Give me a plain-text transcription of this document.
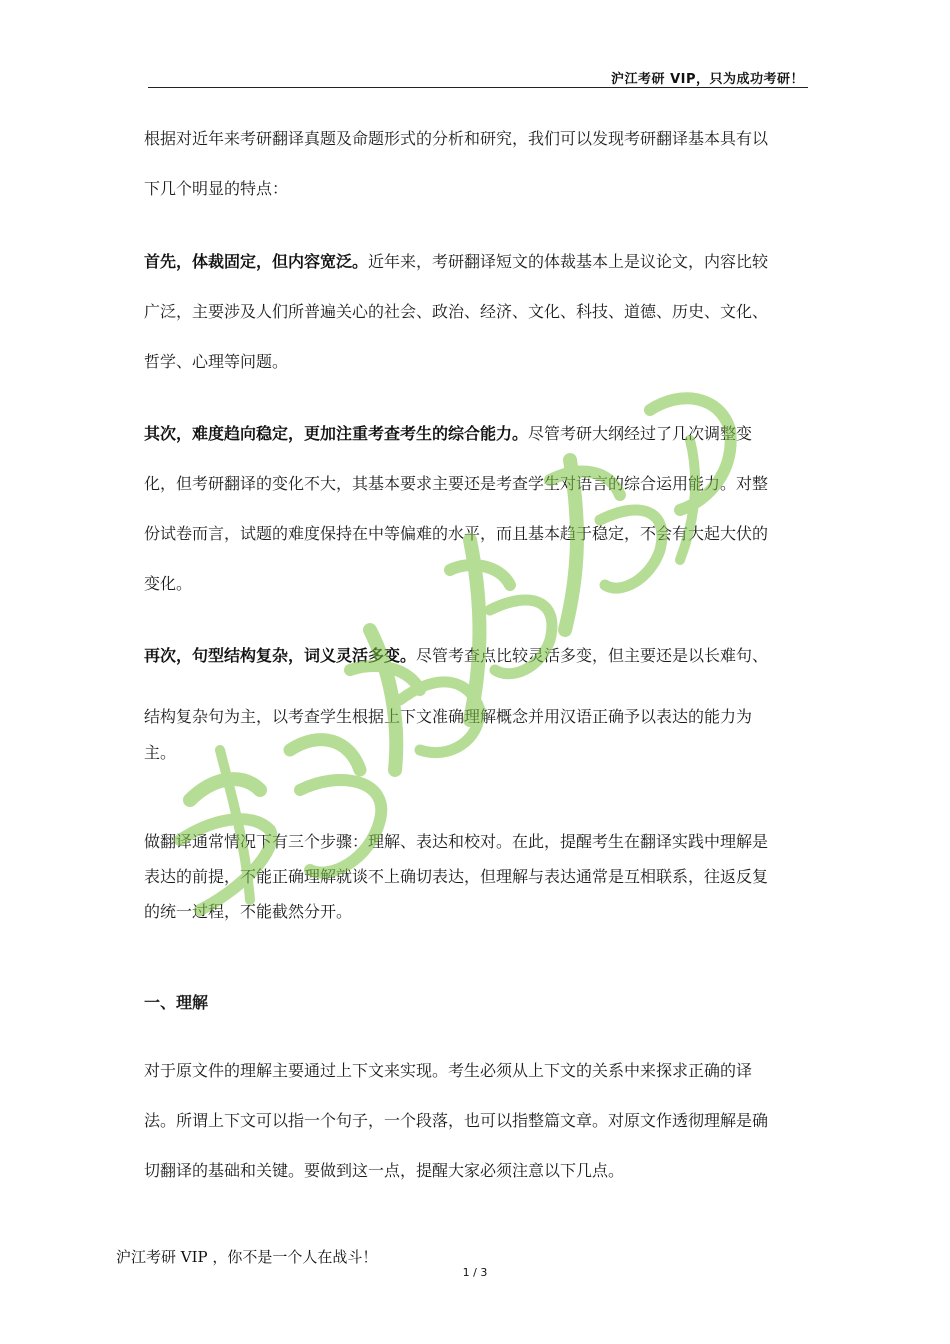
沪江考研 VIP，只为成功考研！
根据对近年来考研翻译真题及命题形式的分析和研究，我们可以发现考研翻译基本具有以
下几个明显的特点：
首先，体裁固定，但内容宽泛。近年来，考研翻译短文的体裁基本上是议论文，内容比较
广泛，主要涉及人们所普遍关心的社会、政治、经济、文化、科技、道德、历史、文化、
哲学、心理等问题。
其次，难度趋向稳定，更加注重考查考生的综合能力。尽管考研大纲经过了几次调整变
化，但考研翻译的变化不大，其基本要求主要还是考查学生对语言的综合运用能力。对整
份试卷而言，试题的难度保持在中等偏难的水平，而且基本趋于稳定，不会有大起大伏的
变化。
再次，句型结构复杂，词义灵活多变。尽管考查点比较灵活多变，但主要还是以长难句、
结构复杂句为主，以考查学生根据上下文准确理解概念并用汉语正确予以表达的能力为
主。
做翻译通常情况下有三个步骤：理解、表达和校对。在此，提醒考生在翻译实践中理解是
表达的前提，不能正确理解就谈不上确切表达，但理解与表达通常是互相联系，往返反复
的统一过程，不能截然分开。
一、理解
对于原文件的理解主要通过上下文来实现。考生必须从上下文的关系中来探求正确的译
法。所谓上下文可以指一个句子，一个段落，也可以指整篇文章。对原文作透彻理解是确
切翻译的基础和关键。要做到这一点，提醒大家必须注意以下几点。
沪江考研 VIP ，你不是一个人在战斗！
1 / 3
